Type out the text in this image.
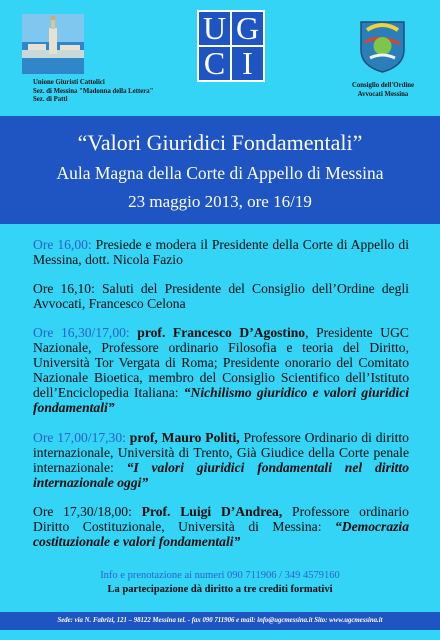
U G
C I
Unione Giuristi Cattolici
Sez. di Messina "Madonna della Lettera"
Sez. di Patti
Consiglio dell'Ordine
Avvocati Messina
“Valori Giuridici Fondamentali”
Aula Magna della Corte di Appello di Messina
23 maggio 2013, ore 16/19

Ore 16,00: Presiede e modera il Presidente della Corte di Appello di Messina, dott. Nicola Fazio

Ore 16,10: Saluti del Presidente del Consiglio dell’Ordine degli Avvocati, Francesco Celona

Ore 16,30/17,00: prof. Francesco D’Agostino, Presidente UGC Nazionale, Professore ordinario Filosofia e teoria del Diritto, Università Tor Vergata di Roma; Presidente onorario del Comitato Nazionale Bioetica, membro del Consiglio Scientifico dell’Istituto dell’Enciclopedia Italiana: “Nichilismo giuridico e valori giuridici fondamentali”

Ore 17,00/17,30: prof, Mauro Politi, Professore Ordinario di diritto internazionale, Università di Trento, Già Giudice della Corte penale internazionale: “I valori giuridici fondamentali nel diritto internazionale oggi”

Ore 17,30/18,00: Prof. Luigi D’Andrea, Professore ordinario Diritto Costituzionale, Università di Messina: “Democrazia costituzionale e valori fondamentali”

Info e prenotazione ai numeri 090 711906 / 349 4579160
La partecipazione dà diritto a tre crediti formativi
Sede: via N. Fabrizi, 121 – 98122 Messina tel. - fax 090 711906 e mail: info@ugcmessina.it Sito: www.ugcmessina.it
